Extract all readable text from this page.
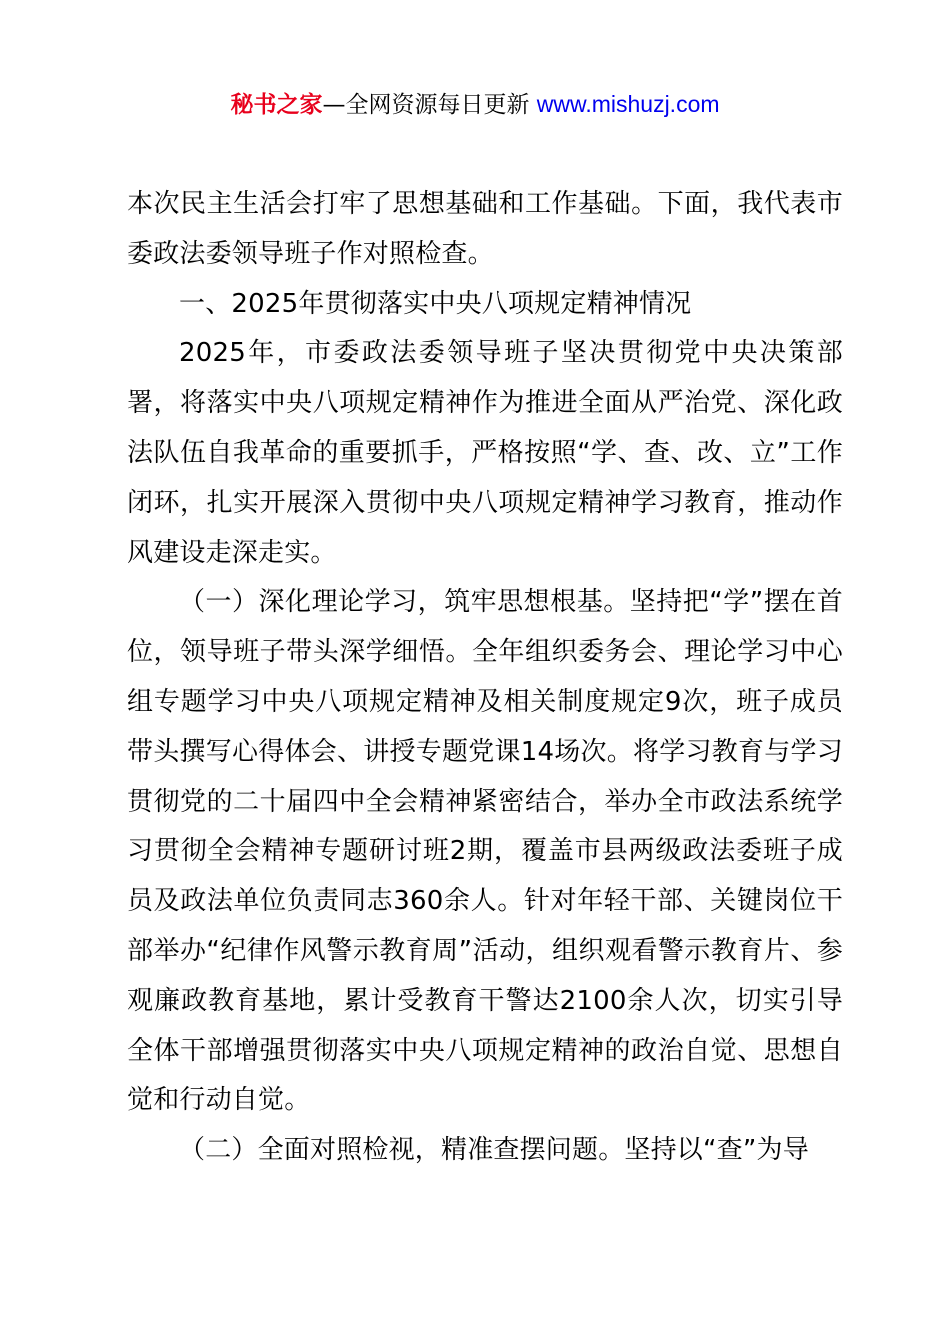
秘书之家—全网资源每日更新 www.mishuzj.com

本次民主生活会打牢了思想基础和工作基础。下面，我代表市委政法委领导班子作对照检查。

一、2025年贯彻落实中央八项规定精神情况

2025年，市委政法委领导班子坚决贯彻党中央决策部署，将落实中央八项规定精神作为推进全面从严治党、深化政法队伍自我革命的重要抓手，严格按照“学、查、改、立”工作闭环，扎实开展深入贯彻中央八项规定精神学习教育，推动作风建设走深走实。

（一）深化理论学习，筑牢思想根基。坚持把“学”摆在首位，领导班子带头深学细悟。全年组织委务会、理论学习中心组专题学习中央八项规定精神及相关制度规定9次，班子成员带头撰写心得体会、讲授专题党课14场次。将学习教育与学习贯彻党的二十届四中全会精神紧密结合，举办全市政法系统学习贯彻全会精神专题研讨班2期，覆盖市县两级政法委班子成员及政法单位负责同志360余人。针对年轻干部、关键岗位干部举办“纪律作风警示教育周”活动，组织观看警示教育片、参观廉政教育基地，累计受教育干警达2100余人次，切实引导全体干部增强贯彻落实中央八项规定精神的政治自觉、思想自觉和行动自觉。

（二）全面对照检视，精准查摆问题。坚持以“查”为导
